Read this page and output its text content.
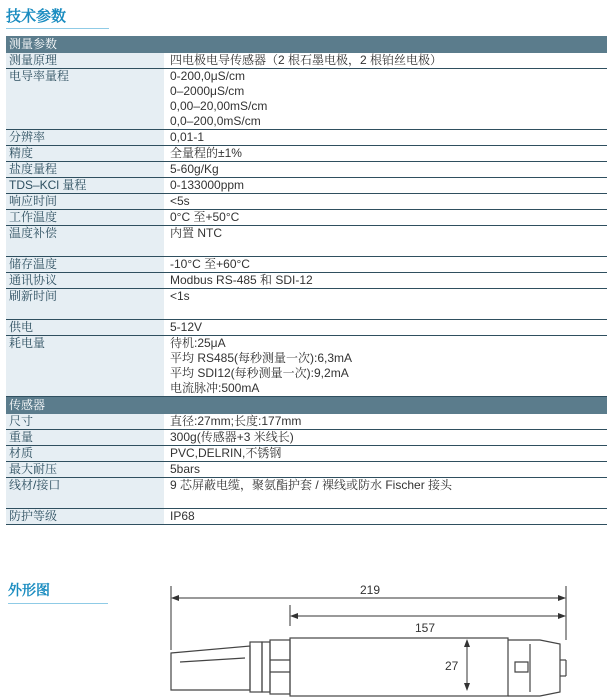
技术参数
测量参数
测量原理	四电极电导传感器（2 根石墨电极，2 根铂丝电极）
电导率量程	0-200,0μS/cm
0–2000μS/cm
0,00–20,00mS/cm
0,0–200,0mS/cm
分辨率	0,01-1
精度	全量程的±1%
盐度量程	5-60g/Kg
TDS–KCl 量程	0-133000ppm
响应时间	<5s
工作温度	0°C 至+50°C
温度补偿	内置 NTC

储存温度	-10°C 至+60°C
通讯协议	Modbus RS-485 和 SDI-12
刷新时间	<1s

供电	5-12V
耗电量	待机:25μA
平均 RS485(每秒测量一次):6,3mA
平均 SDI12(每秒测量一次):9,2mA
电流脉冲:500mA
传感器
尺寸	直径:27mm;长度:177mm
重量	300g(传感器+3 米线长)
材质	PVC,DELRIN,不锈钢
最大耐压	5bars
线材/接口	9 芯屏蔽电缆，聚氨酯护套 / 裸线或防水 Fischer 接头

防护等级	IP68
外形图	219
157
27
